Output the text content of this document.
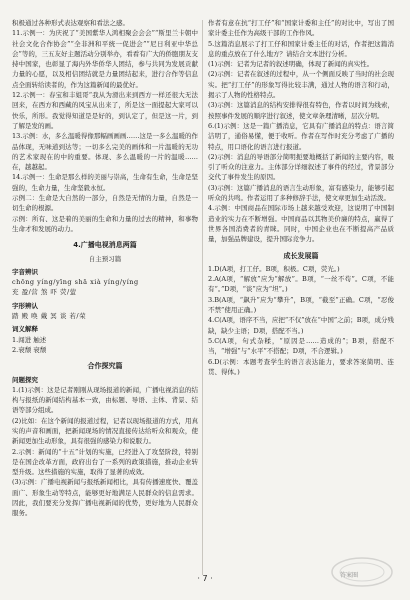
积极通过各种形式表达观察和看法之感。

11.示例一：为庆祝了“美国紫华人鸿相聚会会会”“斯里兰卡朝中社会文化合作协会”“全非洲和平统一促进会”“尼日利亚中华总会”等的，三五友好主题活动分别举办，看看有广大的侨胞朋友支持中国家，也彰显了海内外华侨华人团结，参与共同为发展贡献力量的心愿，以及相信团结就是力量团结起来，进行合作等信息点全面转给读者的，作为这篇新闻的最优好。

12.示例一：春宝和丰姐哥“我从为滑出来到西方一样还很大无法回来，在西方和西藏的风宝从出来了，所是这一面提起大家可以快乐，所形。我觉得知道是是好的，到认定了，但是这一片，到了解是发的画。

13.示例：水，多么温暖得像那幅画画画……这是一多么温暖的作品体现，无味道到达等；一切多么完美的画体和一片温暖的无功的艺术家现在的中的重要。体现、多么温暖的一片的温暖……在，越越起。

14.示例一：生命是那么样的美丽与崇高，生命有生命，生命是坚强的，生命力量，生命坚毅永恒。

示例二：生命是大自然的一部分，自然是无情的力量，自然是一切生命的根源。

示例：所有、这是着的美丽的生命和力量的过去的精神，和事物生命才和发展的动力。

4.广播电视消息两篇
自主预习篇
字音辨识

chōng yíng/yīng shā xià yíng/yíng

充 盈/营 煞 吓 荧/萤

字形辨认

踏 殿 唤 戴 冥 谈 若/荣

词义解释

1.闯进 触述

2.衰颓 衰颓

合作探究篇
问题探究

1.(1)示例：这是记者刚刚从现场报道的新闻，广播电视消息的结构与报纸的新闻结构基本一致，由标题、导语、主体、背景、结语等部分组成。

(2)比如：在这个新闻的报道过程，记者以现场报道的方式，用真实的声音和画面，把新闻现场的情况直接传达给听众和观众，使新闻更加生动形象，具有很强的感染力和说服力。

2.示例：新闻的“十五”计划的实施，已经进入了攻坚阶段，特别是在国企改革方面，政府出台了一系列的政策措施，推动企业转型升级。这些措施的实施，取得了显著的成效。

(3)示例：广播电视新闻与报纸新闻相比，具有传播速度快、覆盖面广、形象生动等特点，能够更好地满足人民群众的信息需求。因此，我们要充分发挥广播电视新闻的优势，更好地为人民群众服务。

作者有意在抗“打工仔”和“国家计委和主任”的对比中，写出了国家计委主任作为高级干部的工作作风。

5.这篇消息展示了打工仔和国家计委主任的对话，作者把这篇消息的重点放在了什么地方？请结合文本进行分析。

(1)示例：记者为记者的叙述明确，体现了新闻的真实性。

(2)示例：记者在叙述的过程中，从一个侧面反映了当时的社会现实。把“打工仔”的形象写得比较丰满，通过人物的语言和行动，揭示了人物的性格特点。

(3)示例：这篇消息的结构安排得很有特色，作者以时间为线索，按照事件发展的顺序进行叙述，使文章条理清晰，层次分明。

6.(1)示例：这是一篇广播消息，它具有广播消息的特点：语言简洁明了，通俗易懂，便于收听。作者在写作时充分考虑了广播的特点，用口语化的语言进行报道。

(2)示例：消息的导语部分简明扼要地概括了新闻的主要内容，吸引了听众的注意力。主体部分详细叙述了事件的经过，背景部分交代了事件发生的原因。

(3)示例：这篇广播消息的语言生动形象，富有感染力，能够引起听众的共鸣。作者运用了多种修辞手法，使文章更加生动活泼。

4.示例：中国商品在国际市场上越来越受欢迎，这说明了中国制造业的实力在不断增强。中国商品以其物美价廉的特点，赢得了世界各国消费者的青睐。同时，中国企业也在不断提高产品质量，加强品牌建设，提升国际竞争力。

成长发展篇

1.D(A项，打工仔。B项，积极。C项，荧光。)

2.A(A项，“解放”应为“解放”。B项，“一丝不苟”。C项，不能有“。”D项，“谈”应为“坦”。)

3.B(A项，“飙升”应为“攀升”，B项，“截至”正确。C项，“忍俊不禁”使用正确。)

4.C(A项，语序不当，应把“不仅”放在“中国”之前；B项，成分残缺，缺少主语；D项，搭配不当。)

5.C(A项，句式杂糅，“原因是……造成的”；B项，搭配不当，“增强”与“水平”不搭配；D项，不合逻辑。)

6.D(示例：本题考查学生的语言表达能力，要求答案简明、连贯、得体。)

· 7 ·	答案圈
